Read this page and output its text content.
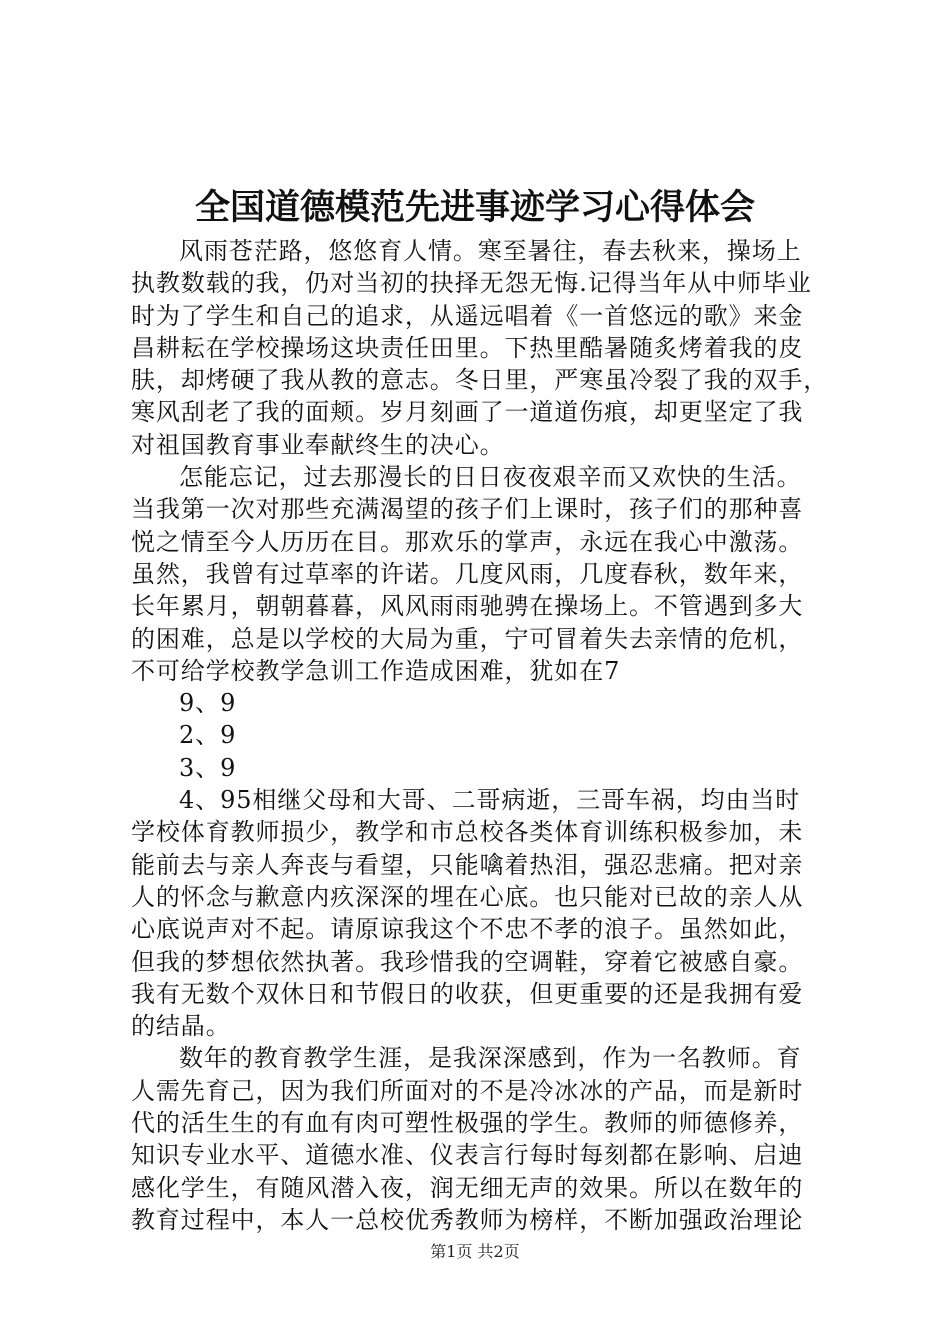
全国道德模范先进事迹学习心得体会
风雨苍茫路，悠悠育人情。寒至暑往，春去秋来，操场上
执教数载的我，仍对当初的抉择无怨无悔.记得当年从中师毕业
时为了学生和自己的追求，从遥远唱着《一首悠远的歌》来金
昌耕耘在学校操场这块责任田里。下热里酷暑随炙烤着我的皮
肤，却烤硬了我从教的意志。冬日里，严寒虽冷裂了我的双手，
寒风刮老了我的面颊。岁月刻画了一道道伤痕，却更坚定了我
对祖国教育事业奉献终生的决心。
怎能忘记，过去那漫长的日日夜夜艰辛而又欢快的生活。
当我第一次对那些充满渴望的孩子们上课时，孩子们的那种喜
悦之情至今人历历在目。那欢乐的掌声，永远在我心中激荡。
虽然，我曾有过草率的许诺。几度风雨，几度春秋，数年来，
长年累月，朝朝暮暮，风风雨雨驰骋在操场上。不管遇到多大
的困难，总是以学校的大局为重，宁可冒着失去亲情的危机，
不可给学校教学急训工作造成困难，犹如在7
9、9
2、9
3、9
4、95相继父母和大哥、二哥病逝，三哥车祸，均由当时
学校体育教师损少，教学和市总校各类体育训练积极参加，未
能前去与亲人奔丧与看望，只能噙着热泪，强忍悲痛。把对亲
人的怀念与歉意内疚深深的埋在心底。也只能对已故的亲人从
心底说声对不起。请原谅我这个不忠不孝的浪子。虽然如此，
但我的梦想依然执著。我珍惜我的空调鞋，穿着它被感自豪。
我有无数个双休日和节假日的收获，但更重要的还是我拥有爱
的结晶。
数年的教育教学生涯，是我深深感到，作为一名教师。育
人需先育己，因为我们所面对的不是冷冰冰的产品，而是新时
代的活生生的有血有肉可塑性极强的学生。教师的师德修养，
知识专业水平、道德水准、仪表言行每时每刻都在影响、启迪
感化学生，有随风潜入夜，润无细无声的效果。所以在数年的
教育过程中，本人一总校优秀教师为榜样，不断加强政治理论
第1页 共2页
